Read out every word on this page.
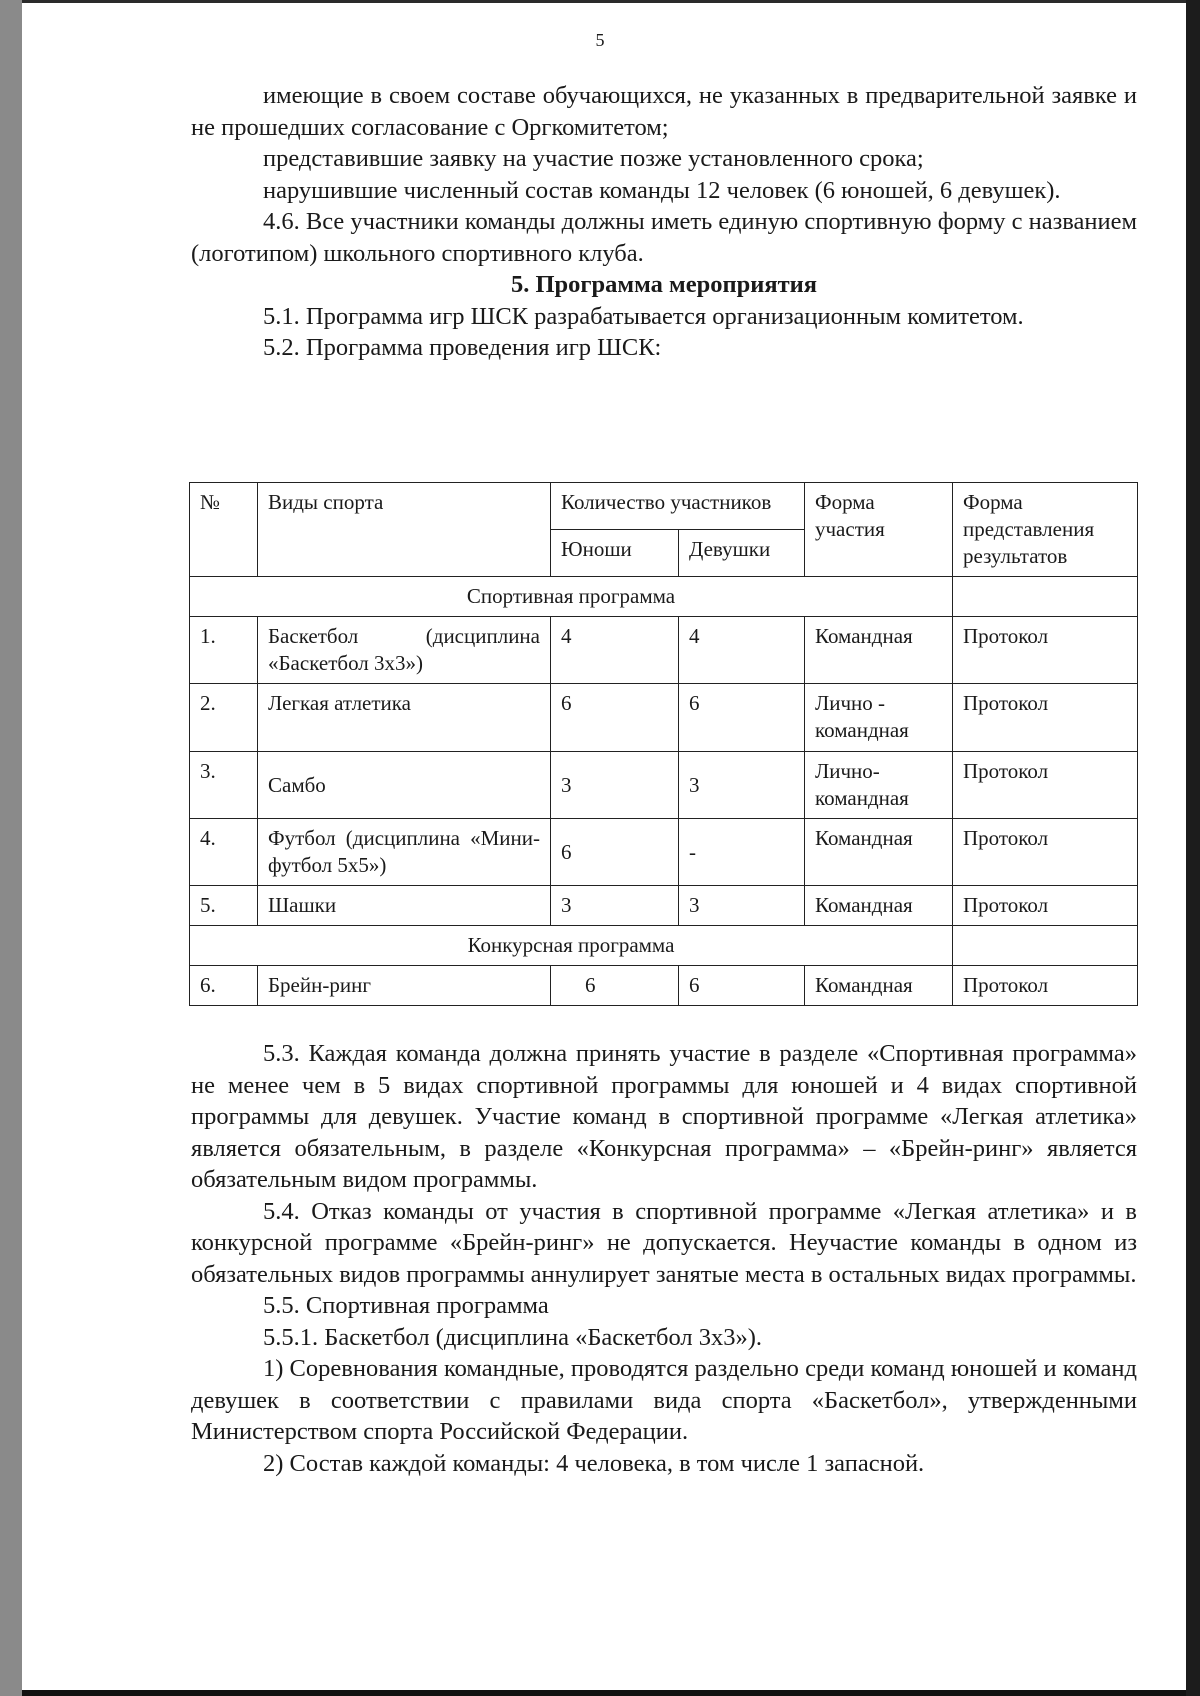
5

имеющие в своем составе обучающихся, не указанных в предварительной заявке и не прошедших согласование с Оргкомитетом;

представившие заявку на участие позже установленного срока;

нарушившие численный состав команды 12 человек (6 юношей, 6 девушек).

4.6. Все участники команды должны иметь единую спортивную форму с названием (логотипом) школьного спортивного клуба.

5. Программа мероприятия

5.1. Программа игр ШСК разрабатывается организационным комитетом.

5.2. Программа проведения игр ШСК:

№	Виды спорта	Количество участников		Форма участия	Форма представления результатов
		Юноши	Девушки		
Спортивная программа					
1.	Баскетбол (дисциплина «Баскетбол 3х3»)	4	4	Командная	Протокол
2.	Легкая атлетика	6	6	Лично - командная	Протокол
3.	Самбо	3	3	Лично-командная	Протокол
4.	Футбол (дисциплина «Мини-футбол 5х5»)	6	-	Командная	Протокол
5.	Шашки	3	3	Командная	Протокол
Конкурсная программа					
6.	Брейн-ринг	6	6	Командная	Протокол

5.3. Каждая команда должна принять участие в разделе «Спортивная программа» не менее чем в 5 видах спортивной программы для юношей и 4 видах спортивной программы для девушек. Участие команд в спортивной программе «Легкая атлетика» является обязательным, в разделе «Конкурсная программа» – «Брейн-ринг» является обязательным видом программы.

5.4. Отказ команды от участия в спортивной программе «Легкая атлетика» и в конкурсной программе «Брейн-ринг» не допускается. Неучастие команды в одном из обязательных видов программы аннулирует занятые места в остальных видах программы.

5.5. Спортивная программа

5.5.1. Баскетбол (дисциплина «Баскетбол 3х3»).

1) Соревнования командные, проводятся раздельно среди команд юношей и команд девушек в соответствии с правилами вида спорта «Баскетбол», утвержденными Министерством спорта Российской Федерации.

2) Состав каждой команды: 4 человека, в том числе 1 запасной.
